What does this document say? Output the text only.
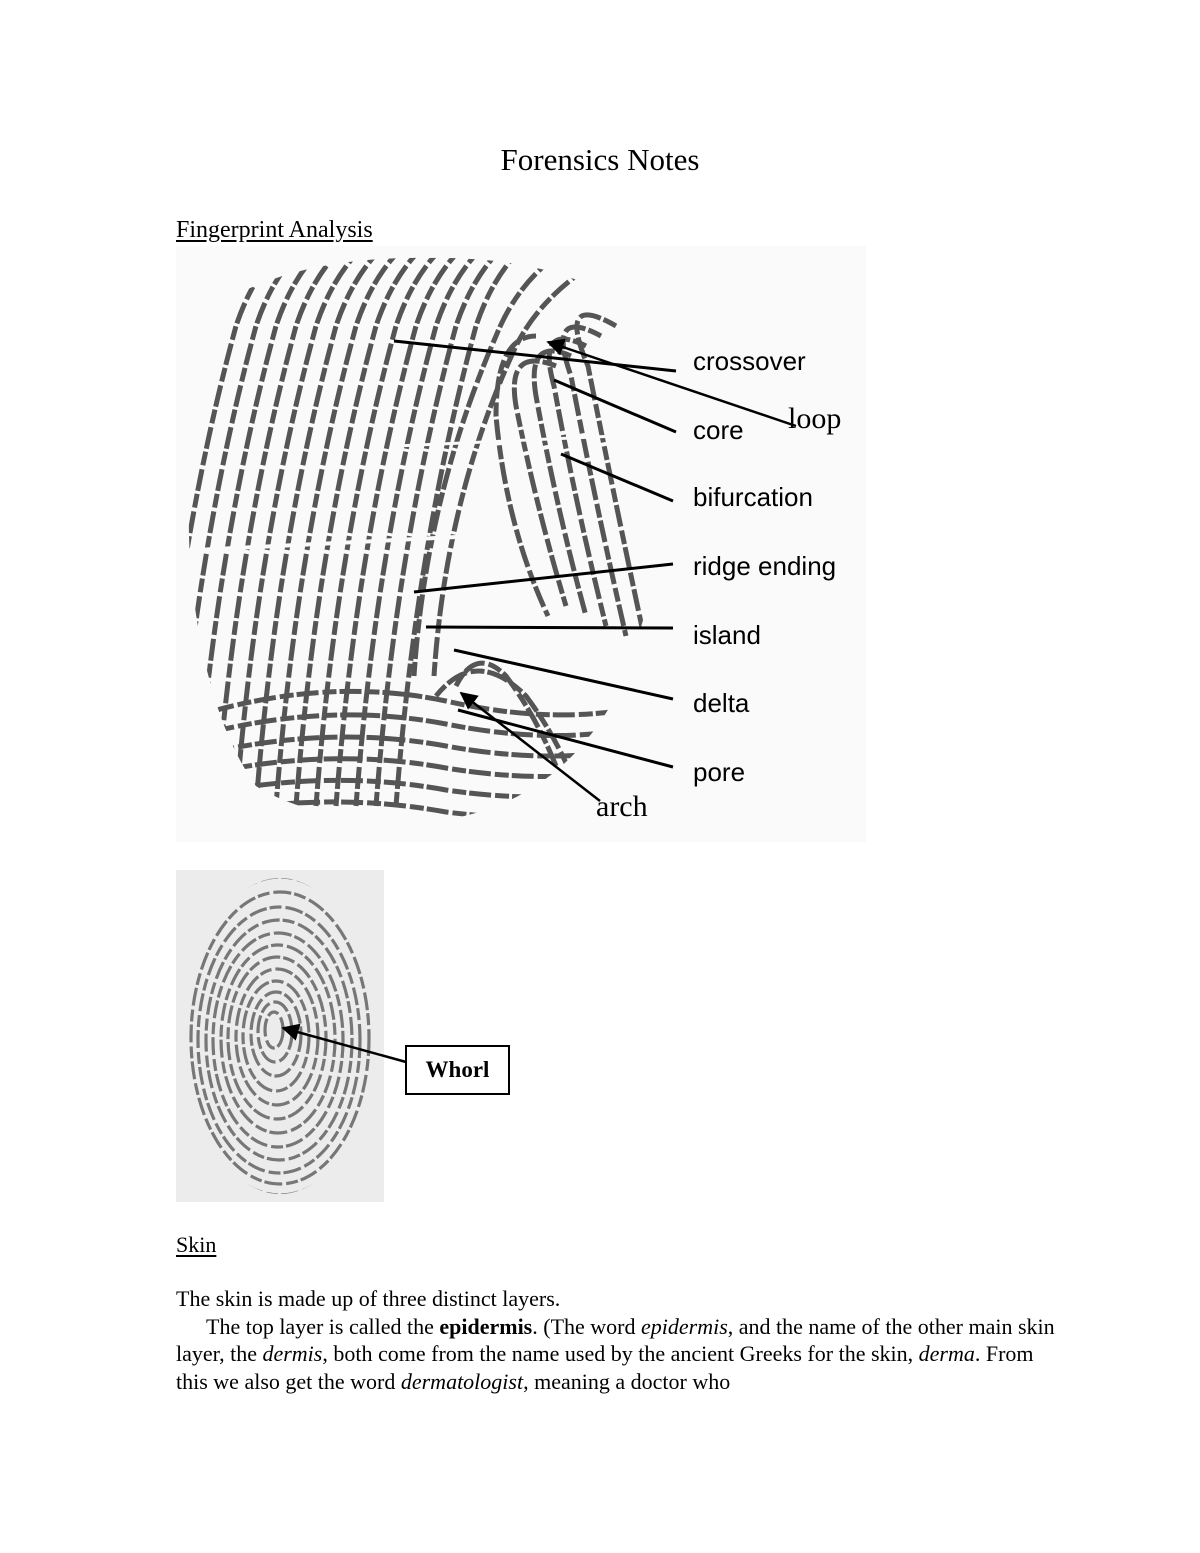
Forensics Notes
Fingerprint Analysis
crossover
core
bifurcation
ridge ending
island
delta
pore
loop
arch
Whorl
Skin

The skin is made up of three distinct layers.

The top layer is called the epidermis. (The word epidermis, and the name of the other main skin layer, the dermis, both come from the name used by the ancient Greeks for the skin, derma. From this we also get the word dermatologist, meaning a doctor who
